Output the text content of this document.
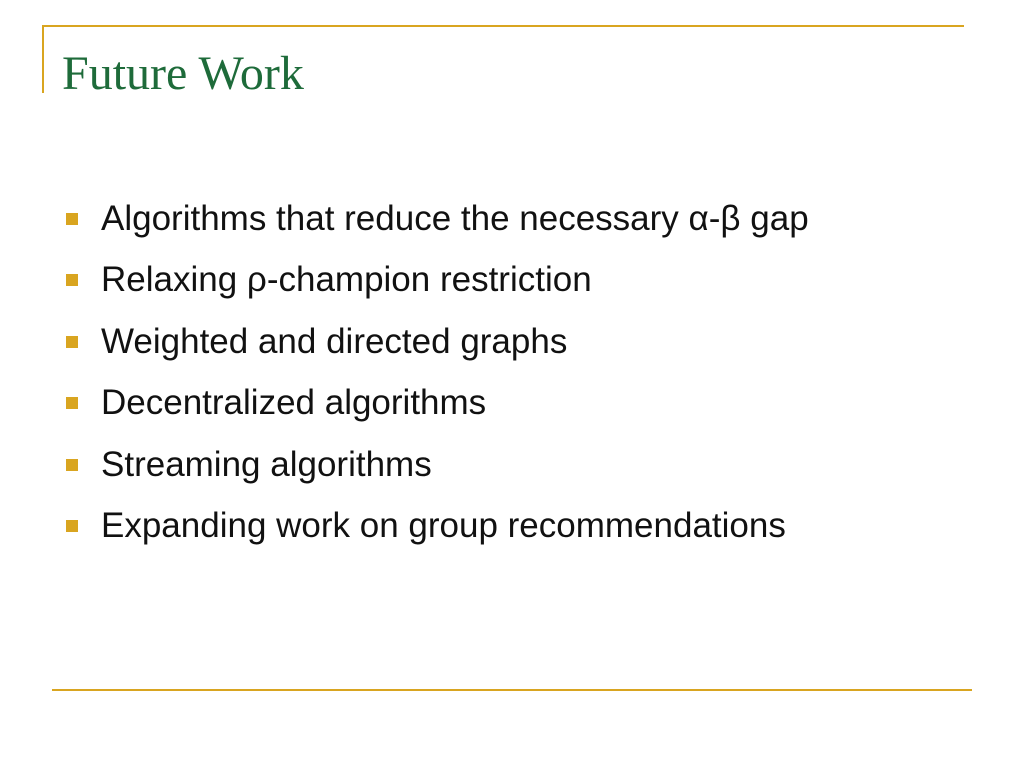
Future Work
Algorithms that reduce the necessary α-β gap
Relaxing ρ-champion restriction
Weighted and directed graphs
Decentralized algorithms
Streaming algorithms
Expanding work on group recommendations
